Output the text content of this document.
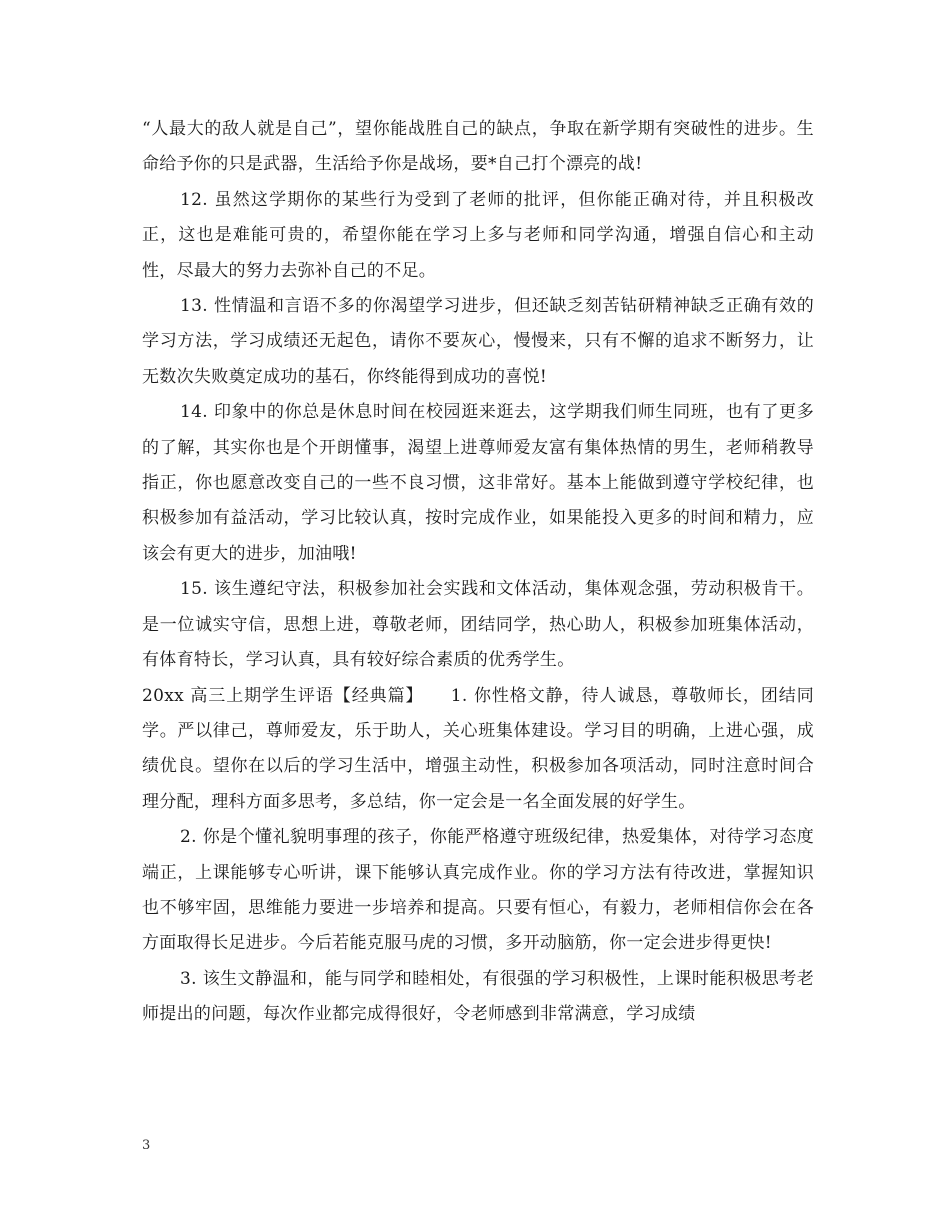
“人最大的敌人就是自己”，望你能战胜自己的缺点，争取在新学期有突破性的进步。生命给予你的只是武器，生活给予你是战场，要*自己打个漂亮的战!

12. 虽然这学期你的某些行为受到了老师的批评，但你能正确对待，并且积极改正，这也是难能可贵的，希望你能在学习上多与老师和同学沟通，增强自信心和主动性，尽最大的努力去弥补自己的不足。

13. 性情温和言语不多的你渴望学习进步，但还缺乏刻苦钻研精神缺乏正确有效的学习方法，学习成绩还无起色，请你不要灰心，慢慢来，只有不懈的追求不断努力，让无数次失败奠定成功的基石，你终能得到成功的喜悦!

14. 印象中的你总是休息时间在校园逛来逛去，这学期我们师生同班，也有了更多的了解，其实你也是个开朗懂事，渴望上进尊师爱友富有集体热情的男生，老师稍教导指正，你也愿意改变自己的一些不良习惯，这非常好。基本上能做到遵守学校纪律，也积极参加有益活动，学习比较认真，按时完成作业，如果能投入更多的时间和精力，应该会有更大的进步，加油哦!

15. 该生遵纪守法，积极参加社会实践和文体活动，集体观念强，劳动积极肯干。是一位诚实守信，思想上进，尊敬老师，团结同学，热心助人，积极参加班集体活动，有体育特长，学习认真，具有较好综合素质的优秀学生。

20xx 高三上期学生评语【经典篇】　　1. 你性格文静，待人诚恳，尊敬师长，团结同学。严以律己，尊师爱友，乐于助人，关心班集体建设。学习目的明确，上进心强，成绩优良。望你在以后的学习生活中，增强主动性，积极参加各项活动，同时注意时间合理分配，理科方面多思考，多总结，你一定会是一名全面发展的好学生。

2. 你是个懂礼貌明事理的孩子，你能严格遵守班级纪律，热爱集体，对待学习态度端正，上课能够专心听讲，课下能够认真完成作业。你的学习方法有待改进，掌握知识也不够牢固，思维能力要进一步培养和提高。只要有恒心，有毅力，老师相信你会在各方面取得长足进步。今后若能克服马虎的习惯，多开动脑筋，你一定会进步得更快!

3. 该生文静温和，能与同学和睦相处，有很强的学习积极性，上课时能积极思考老师提出的问题，每次作业都完成得很好，令老师感到非常满意，学习成绩

3
